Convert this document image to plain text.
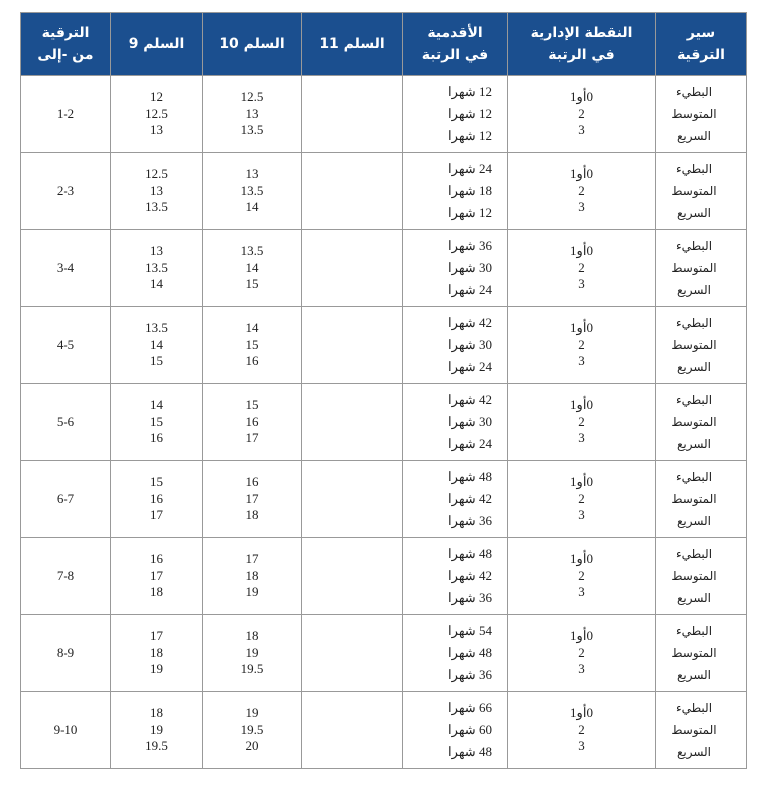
سير
الترقية	النقطة الإدارية
في الرتبة	الأقدمية
في الرتبة	السلم 11	السلم 10	السلم 9	الترقية
من -إلى

البطيء
المتوسط
السريع	0أو1
2
3	12 شهرا
12 شهرا
12 شهرا		12.5
13
13.5	12
12.5
13	1-2

البطيء
المتوسط
السريع	0أو1
2
3	24 شهرا
18 شهرا
12 شهرا		13
13.5
14	12.5
13
13.5	2-3

البطيء
المتوسط
السريع	0أو1
2
3	36 شهرا
30 شهرا
24 شهرا		13.5
14
15	13
13.5
14	3-4

البطيء
المتوسط
السريع	0أو1
2
3	42 شهرا
30 شهرا
24 شهرا		14
15
16	13.5
14
15	4-5

البطيء
المتوسط
السريع	0أو1
2
3	42 شهرا
30 شهرا
24 شهرا		15
16
17	14
15
16	5-6

البطيء
المتوسط
السريع	0أو1
2
3	48 شهرا
42 شهرا
36 شهرا		16
17
18	15
16
17	6-7

البطيء
المتوسط
السريع	0أو1
2
3	48 شهرا
42 شهرا
36 شهرا		17
18
19	16
17
18	7-8

البطيء
المتوسط
السريع	0أو1
2
3	54 شهرا
48 شهرا
36 شهرا		18
19
19.5	17
18
19	8-9

البطيء
المتوسط
السريع	0أو1
2
3	66 شهرا
60 شهرا
48 شهرا		19
19.5
20	18
19
19.5	9-10
